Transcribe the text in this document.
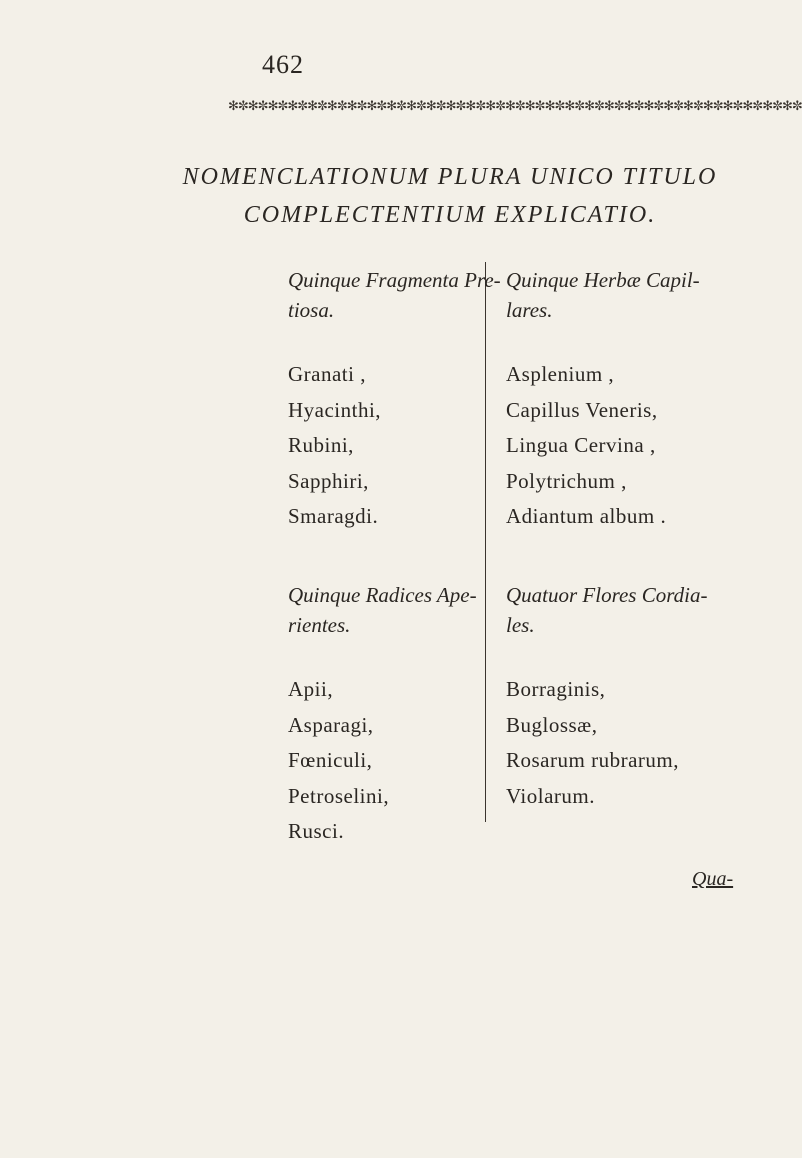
462
✻✼✻✼✻✼✻✼✻✼✻✼✻✼✻✼✻✼✻✼✻✼✻✼✻✼✻✼✻✼✻✼✻✼✻✼✻✼✻✼✻✼✻✼✻✼✻✼✻✼✻✼✻✼✻✼✻✼
NOMENCLATIONUM PLURA UNICO TITULO
COMPLECTENTIUM EXPLICATIO.
Quinque Fragmenta Pre-
tiosa.
Granati ,
Hyacinthi,
Rubini,
Sapphiri,
Smaragdi.
Quinque Herbæ Capil-
lares.
Asplenium ,
Capillus Veneris,
Lingua Cervina ,
Polytrichum ,
Adiantum album .
Quinque Radices Ape-
rientes.
Apii,
Asparagi,
Fœniculi,
Petroselini,
Rusci.
Quatuor Flores Cordia-
les.
Borraginis,
Buglossæ,
Rosarum rubrarum,
Violarum.
Qua-
